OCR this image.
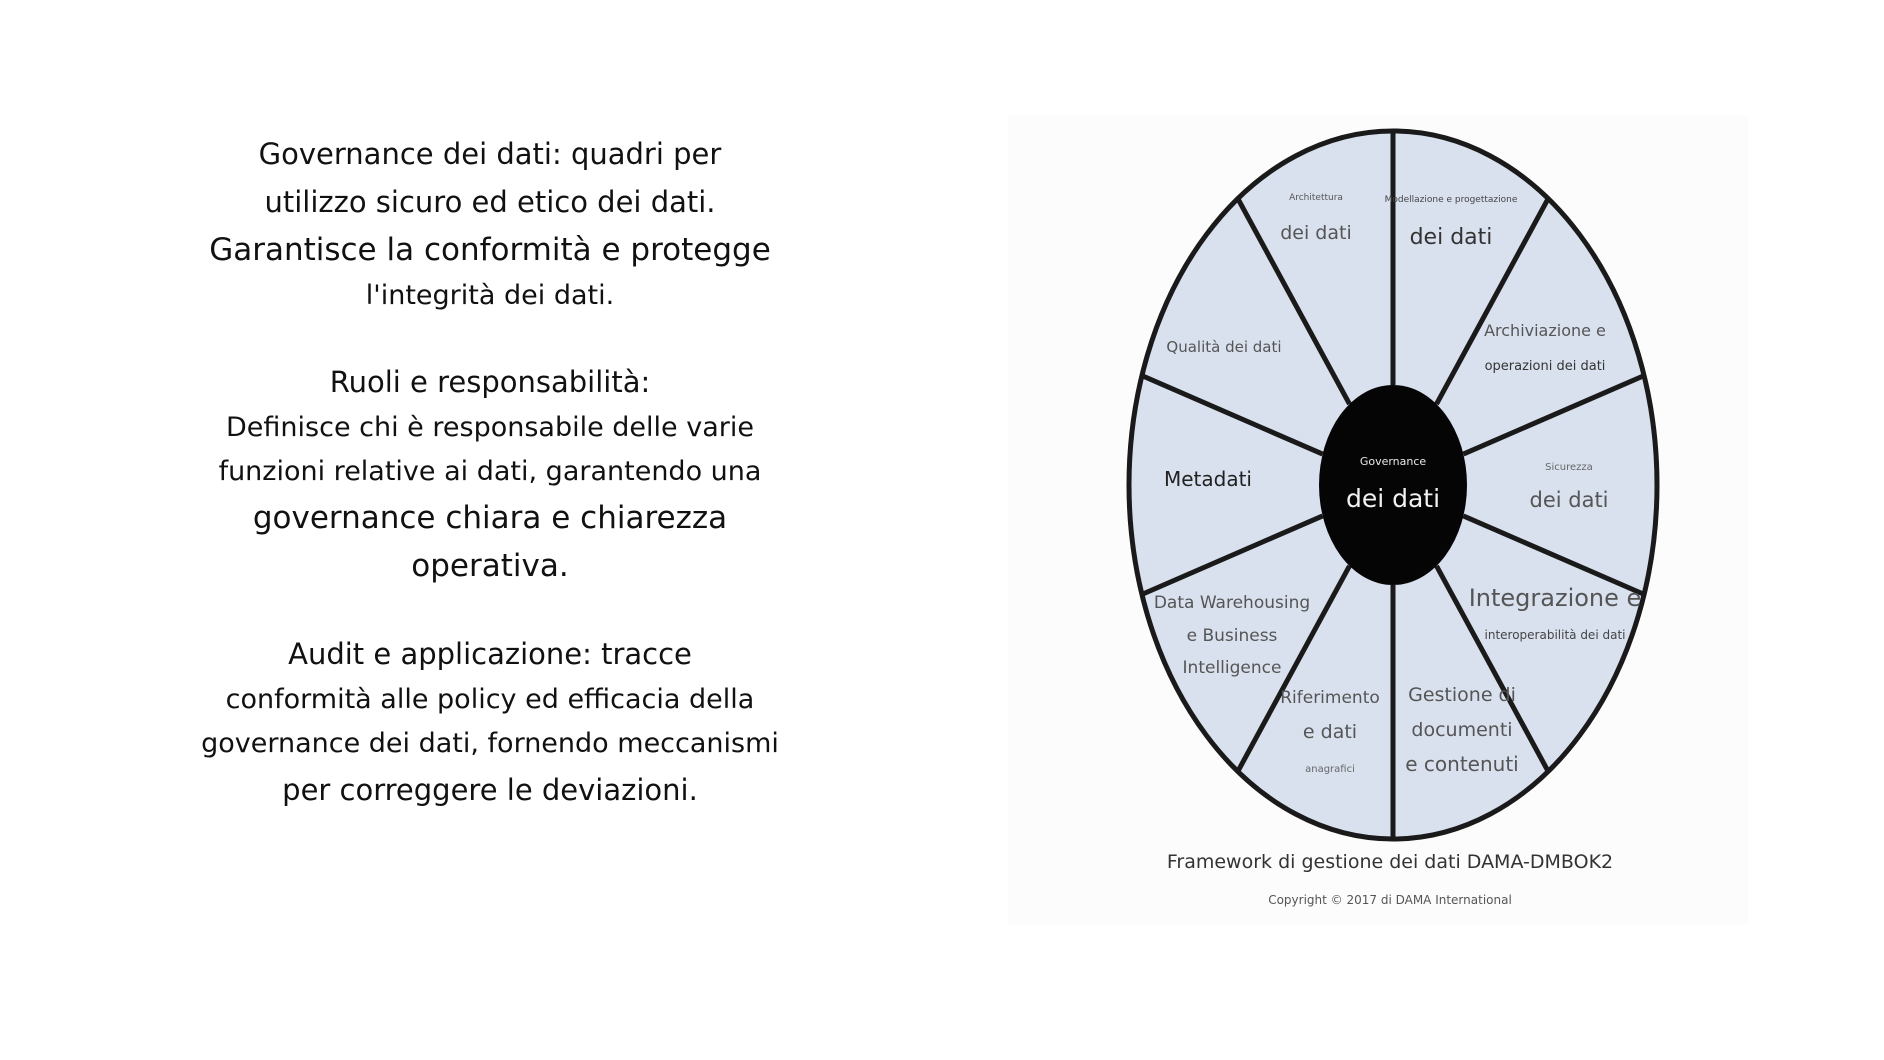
Governance dei dati: quadri per
utilizzo sicuro ed etico dei dati.
Garantisce la conformità e protegge
l'integrità dei dati.

Ruoli e responsabilità:
Definisce chi è responsabile delle varie
funzioni relative ai dati, garantendo una
governance chiara e chiarezza
operativa.

Audit e applicazione: tracce
conformità alle policy ed efficacia della
governance dei dati, fornendo meccanismi
per correggere le deviazioni.

Governance
dei dati
Architettura
dei dati
Modellazione e progettazione
dei dati
Archiviazione e
operazioni dei dati
Sicurezza
dei dati
Integrazione e
interoperabilità dei dati
Gestione di
documenti
e contenuti
Riferimento
e dati
anagrafici
Data Warehousing
e Business
Intelligence
Metadati
Qualità dei dati
Framework di gestione dei dati DAMA-DMBOK2
Copyright © 2017 di DAMA International
